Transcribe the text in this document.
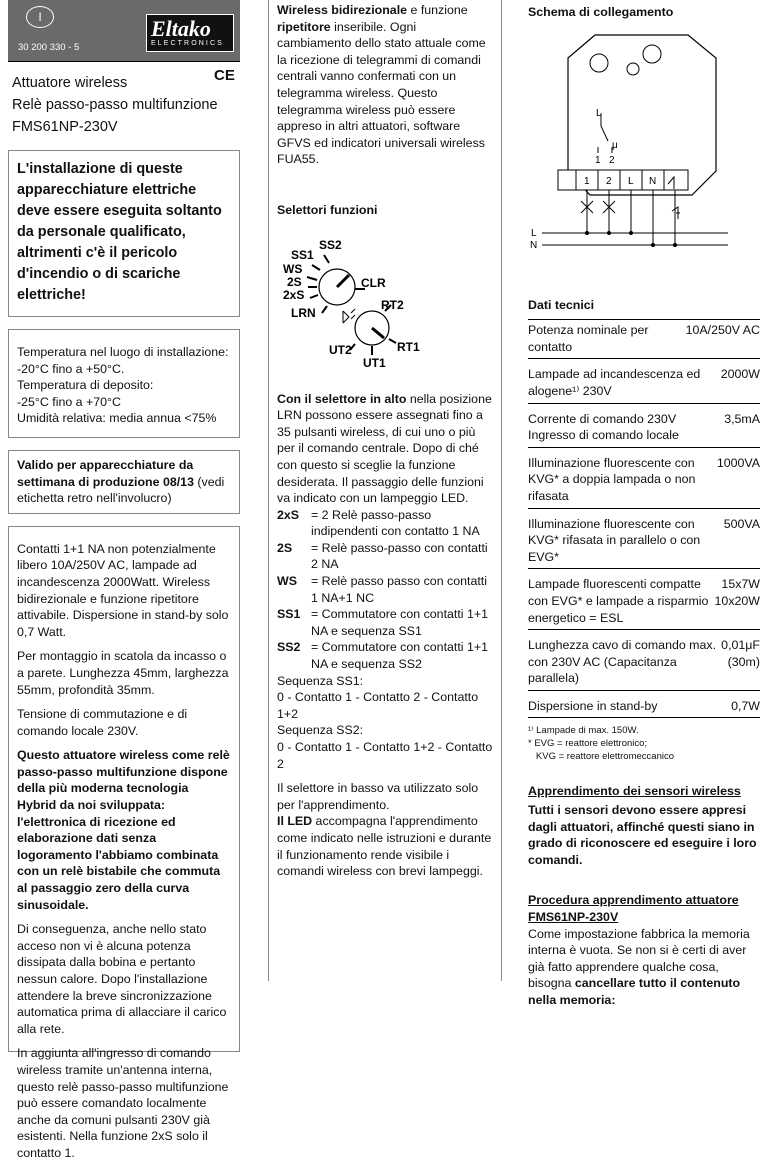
I
30 200 330 - 5
Eltako
ELECTRONICS
Attuatore wireless
Relè passo-passo multifunzione
FMS61NP-230V
CE
L'installazione di queste apparecchiature elettriche deve essere eseguita soltanto da personale qualificato, altrimenti c'è il pericolo d'incendio o di scariche elettriche!
Temperatura nel luogo di installazione:
-20°C fino a +50°C.
Temperatura di deposito:
-25°C fino a +70°C
Umidità relativa: media annua <75%
Valido per apparecchiature da settimana di produzione 08/13 (vedi etichetta retro nell'involucro)

Contatti 1+1 NA non potenzialmente libero 10A/250V AC, lampade ad incandescenza 2000Watt. Wireless bidirezionale e funzione ripetitore attivabile. Dispersione in stand-by solo 0,7 Watt.

Per montaggio in scatola da incasso o a parete. Lunghezza 45mm, larghezza 55mm, profondità 35mm.

Tensione di commutazione e di comando locale 230V.

Questo attuatore wireless come relè passo-passo multifunzione dispone della più moderna tecnologia Hybrid da noi sviluppata: l'elettronica di ricezione ed elaborazione dati senza logoramento l'abbiamo combinata con un relè bistabile che commuta al passaggio zero della curva sinusoidale.

Di conseguenza, anche nello stato acceso non vi è alcuna potenza dissipata dalla bobina e pertanto nessun calore. Dopo l'installazione attendere la breve sincronizzazione automatica prima di allacciare il carico alla rete.

In aggiunta all'ingresso di comando wireless tramite un'antenna interna, questo relè passo-passo multifunzione può essere comandato localmente anche da comuni pulsanti 230V già esistenti. Nella funzione 2xS solo il contatto 1.

Wireless bidirezionale e funzione ripetitore inseribile. Ogni cambiamento dello stato attuale come la ricezione di telegrammi di comandi centrali vanno confermati con un telegramma wireless. Questo telegramma wireless può essere appreso in altri attuatori, software GFVS ed indicatori universali wireless FUA55.
Selettori funzioni
SS2
SS1
WS
2S
2xS
LRN
CLR
RT2
UT2	RT1
UT1
Con il selettore in alto nella posizione LRN possono essere assegnati fino a 35 pulsanti wireless, di cui uno o più per il comando centrale. Dopo di ché con questo si sceglie la funzione desiderata. Il passaggio delle funzioni va indicato con un lampeggio LED.
2xS = 2 Relè passo-passo indipendenti con contatto 1 NA
2S	= Relè passo-passo con contatti 2 NA
WS	= Relè passo passo con contatti 1 NA+1 NC
SS1 = Commutatore con contatti 1+1 NA e sequenza SS1
SS2 = Commutatore con contatti 1+1 NA e sequenza SS2
Sequenza SS1:
0 - Contatto 1 - Contatto 2 - Contatto 1+2
Sequenza SS2:
0 - Contatto 1 - Contatto 1+2 - Contatto 2
Il selettore in basso va utilizzato solo per l'apprendimento.
Il LED accompagna l'apprendimento come indicato nelle istruzioni e durante il funzionamento rende visibile i comandi wireless con brevi lampeggi.
Schema di collegamento
L
μ
1 2
1 2 L N
L
N
Dati tecnici
Potenza nominale per contatto
10A/250V AC
Lampade ad incandescenza ed alogene¹⁾ 230V
2000W
Corrente di comando 230V Ingresso di comando locale
3,5mA
Illuminazione fluorescente con KVG* a doppia lampada o non rifasata
1000VA
Illuminazione fluorescente con KVG* rifasata in parallelo o con EVG*
500VA
Lampade fluorescenti compatte con EVG* e lampade a risparmio energetico = ESL
15x7W
10x20W
Lunghezza cavo di comando max. con 230V AC (Capacitanza parallela)
0,01μF
(30m)
Dispersione in stand-by	0,7W
¹⁾ Lampade di max. 150W.
* EVG = reattore elettronico;
KVG = reattore elettromeccanico
Apprendimento dei sensori wireless
Tutti i sensori devono essere appresi dagli attuatori, affinché questi siano in grado di riconoscere ed eseguire i loro comandi.
Procedura apprendimento attuatore FMS61NP-230V
Come impostazione fabbrica la memoria interna è vuota. Se non si è certi di aver già fatto apprendere qualche cosa, bisogna cancellare tutto il contenuto nella memoria:
